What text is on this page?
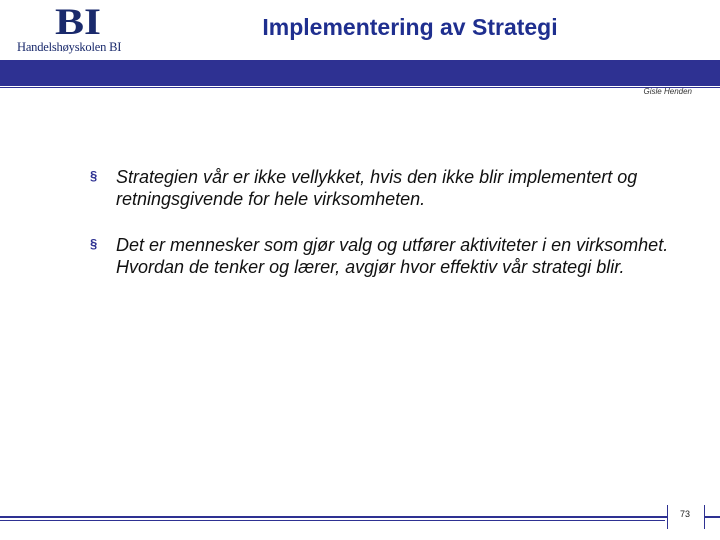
BI
Handelshøyskolen BI
Implementering av Strategi
Gisle Henden
§ Strategien vår er ikke vellykket, hvis den ikke blir implementert og retningsgivende for hele virksomheten.
§ Det er mennesker som gjør valg og utfører aktiviteter i en virksomhet. Hvordan de tenker og lærer, avgjør hvor effektiv vår strategi blir.
73
